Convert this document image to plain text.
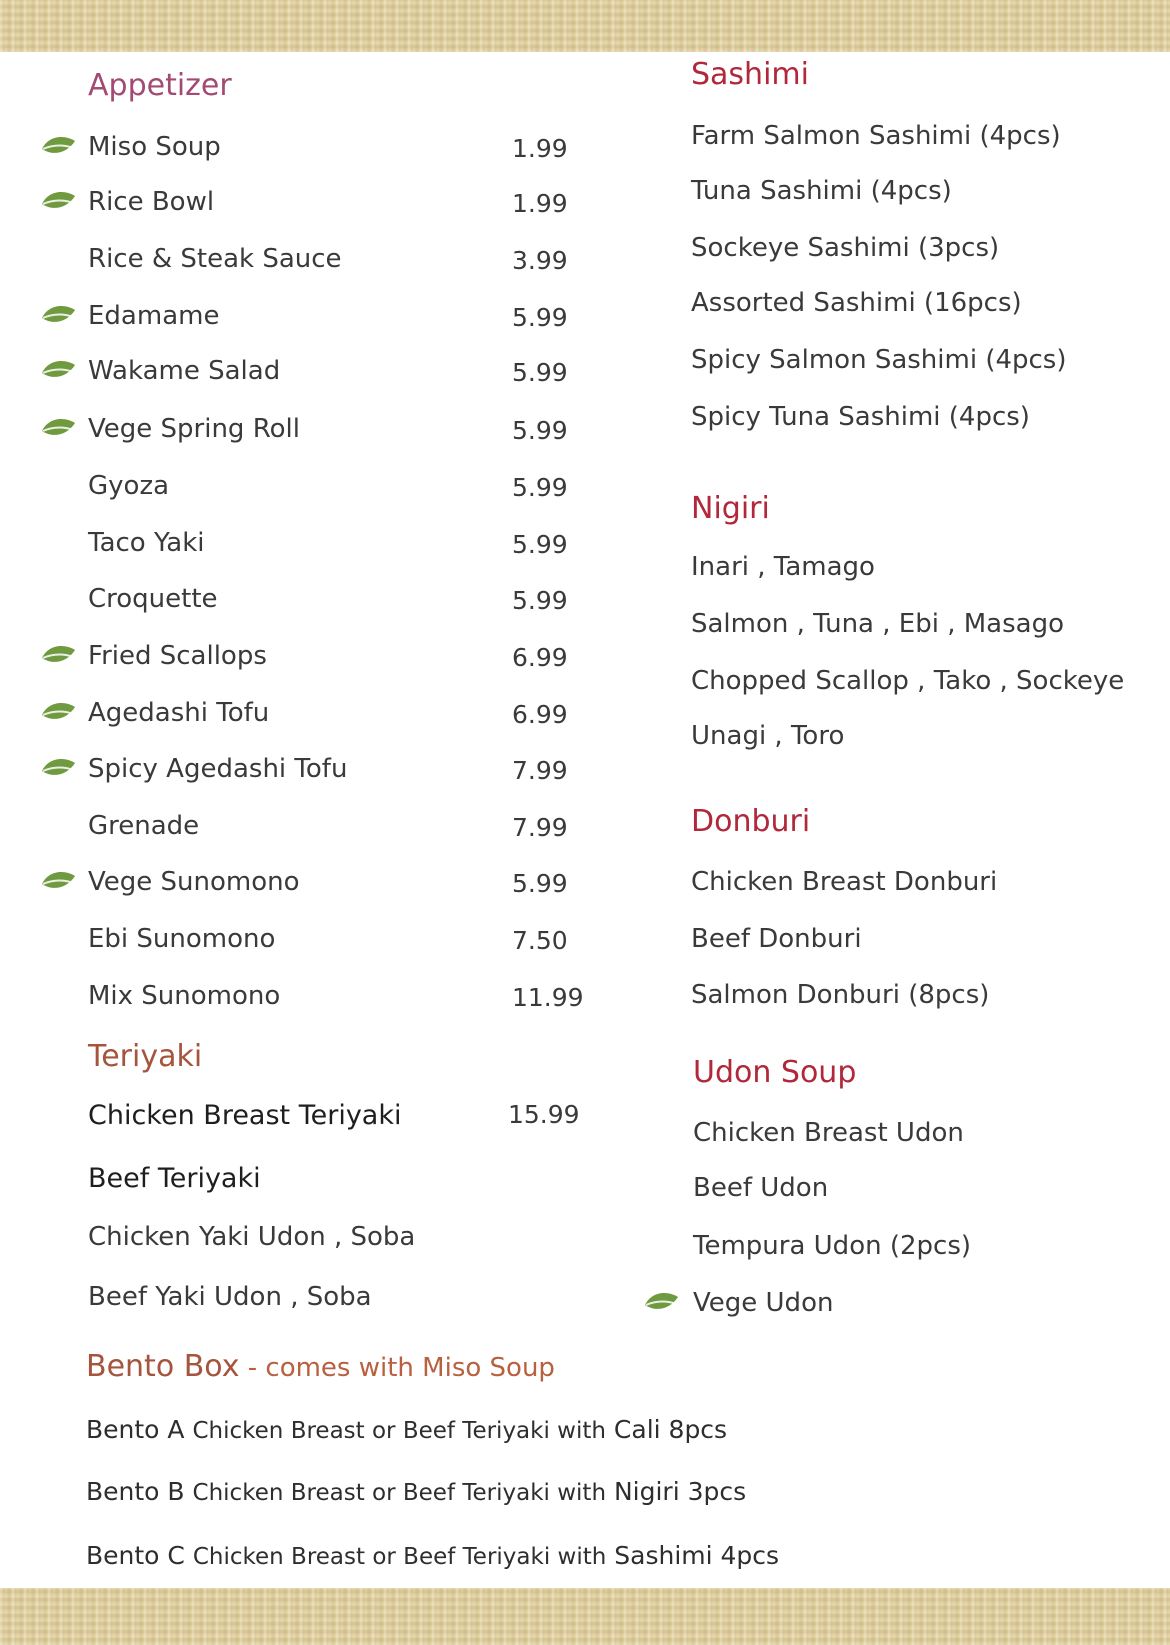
Appetizer
Miso Soup	1.99
Rice Bowl	1.99
Rice & Steak Sauce	3.99
Edamame	5.99
Wakame Salad	5.99
Vege Spring Roll	5.99
Gyoza	5.99
Taco Yaki	5.99
Croquette	5.99
Fried Scallops	6.99
Agedashi Tofu	6.99
Spicy Agedashi Tofu	7.99
Grenade	7.99
Vege Sunomono	5.99
Ebi Sunomono	7.50
Mix Sunomono	11.99
Teriyaki
Chicken Breast Teriyaki	15.99
Beef Teriyaki
Chicken Yaki Udon , Soba
Beef Yaki Udon , Soba
Bento Box - comes with Miso Soup
Bento A Chicken Breast or Beef Teriyaki with Cali 8pcs
Bento B Chicken Breast or Beef Teriyaki with Nigiri 3pcs
Bento C Chicken Breast or Beef Teriyaki with Sashimi 4pcs
Sashimi
Farm Salmon Sashimi (4pcs)
Tuna Sashimi (4pcs)
Sockeye Sashimi (3pcs)
Assorted Sashimi (16pcs)
Spicy Salmon Sashimi (4pcs)
Spicy Tuna Sashimi (4pcs)
Nigiri
Inari , Tamago
Salmon , Tuna , Ebi , Masago
Chopped Scallop , Tako , Sockeye
Unagi , Toro
Donburi
Chicken Breast Donburi
Beef Donburi
Salmon Donburi (8pcs)
Udon Soup
Chicken Breast Udon
Beef Udon
Tempura Udon (2pcs)
Vege Udon
